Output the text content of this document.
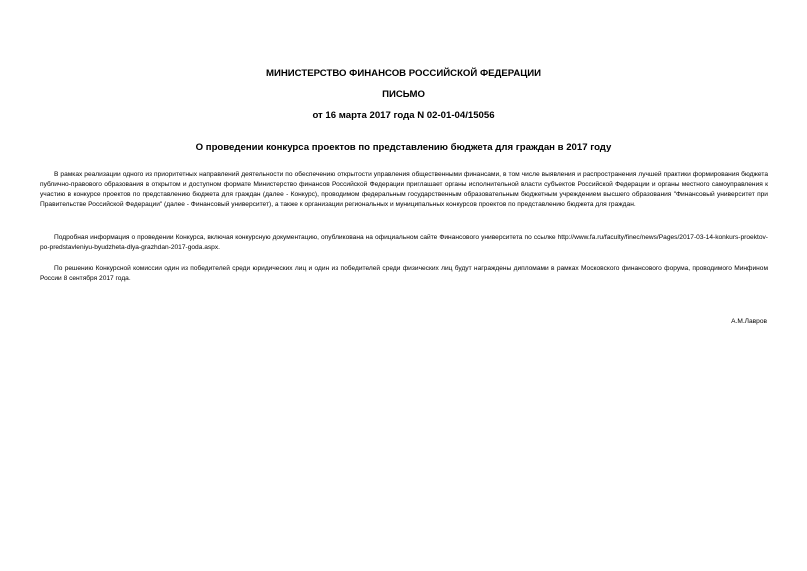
МИНИСТЕРСТВО ФИНАНСОВ РОССИЙСКОЙ ФЕДЕРАЦИИ
ПИСЬМО
от 16 марта 2017 года N 02-01-04/15056
О проведении конкурса проектов по представлению бюджета для граждан в 2017 году

В рамках реализации одного из приоритетных направлений деятельности по обеспечению открытости управления общественными финансами, в том числе выявления и распространения лучшей практики формирования бюджета публично-правового образования в открытом и доступном формате Министерство финансов Российской Федерации приглашает органы исполнительной власти субъектов Российской Федерации и органы местного самоуправления к участию в конкурсе проектов по представлению бюджета для граждан (далее - Конкурс), проводимом федеральным государственным образовательным бюджетным учреждением высшего образования "Финансовый университет при Правительстве Российской Федерации" (далее - Финансовый университет), а также к организации региональных и муниципальных конкурсов проектов по представлению бюджета для граждан.

Подробная информация о проведении Конкурса, включая конкурсную документацию, опубликована на официальном сайте Финансового университета по ссылке http://www.fa.ru/faculty/finec/news/Pages/2017-03-14-konkurs-proektov-po-predstavleniyu-byudzheta-dlya-grazhdan-2017-goda.aspx.

По решению Конкурсной комиссии один из победителей среди юридических лиц и один из победителей среди физических лиц будут награждены дипломами в рамках Московского финансового форума, проводимого Минфином России 8 сентября 2017 года.

А.М.Лавров
